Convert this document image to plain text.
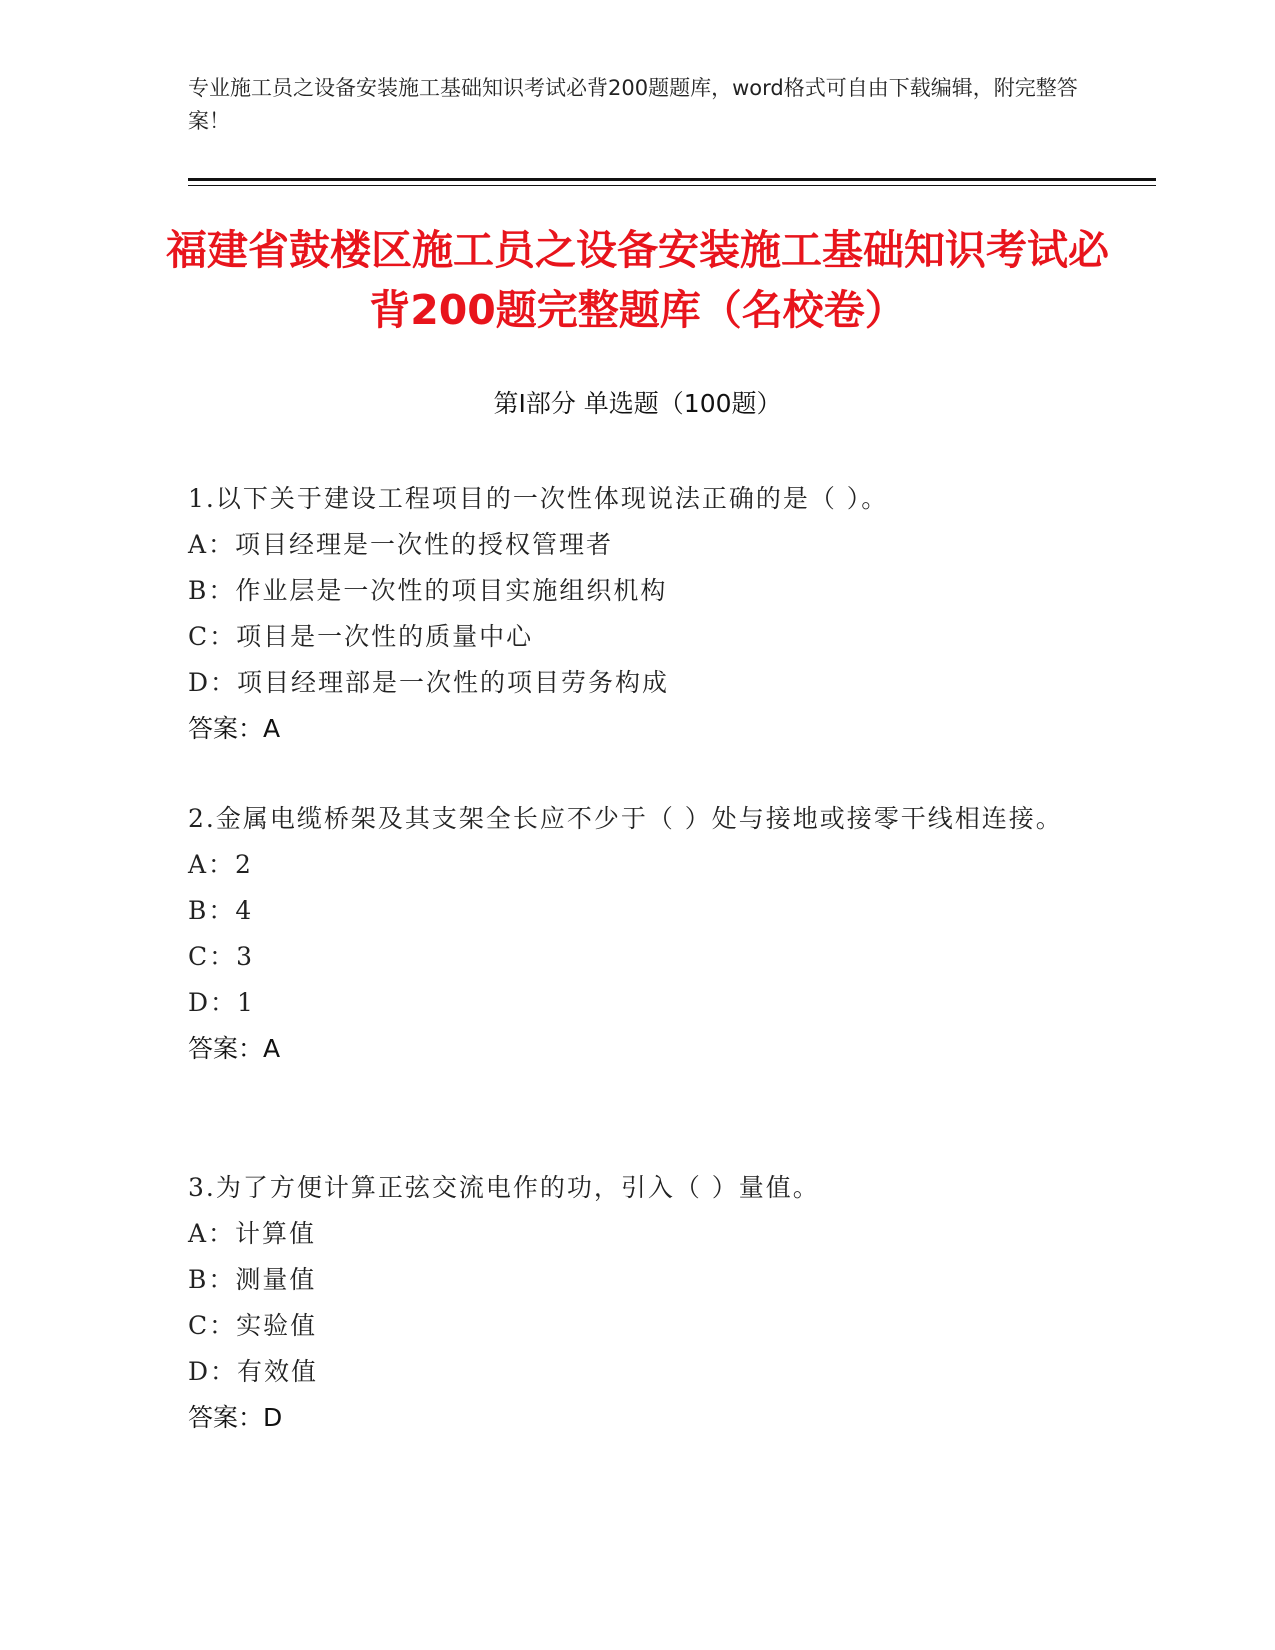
专业施工员之设备安装施工基础知识考试必背200题题库，word格式可自由下载编辑，附完整答案！
福建省鼓楼区施工员之设备安装施工基础知识考试必背200题完整题库（名校卷）
第I部分 单选题（100题）
1.以下关于建设工程项目的一次性体现说法正确的是（ ）。
A：项目经理是一次性的授权管理者
B：作业层是一次性的项目实施组织机构
C：项目是一次性的质量中心
D：项目经理部是一次性的项目劳务构成
答案：A
2.金属电缆桥架及其支架全长应不少于（ ）处与接地或接零干线相连接。
A：2
B：4
C：3
D：1
答案：A
3.为了方便计算正弦交流电作的功，引入（ ）量值。
A：计算值
B：测量值
C：实验值
D：有效值
答案：D
